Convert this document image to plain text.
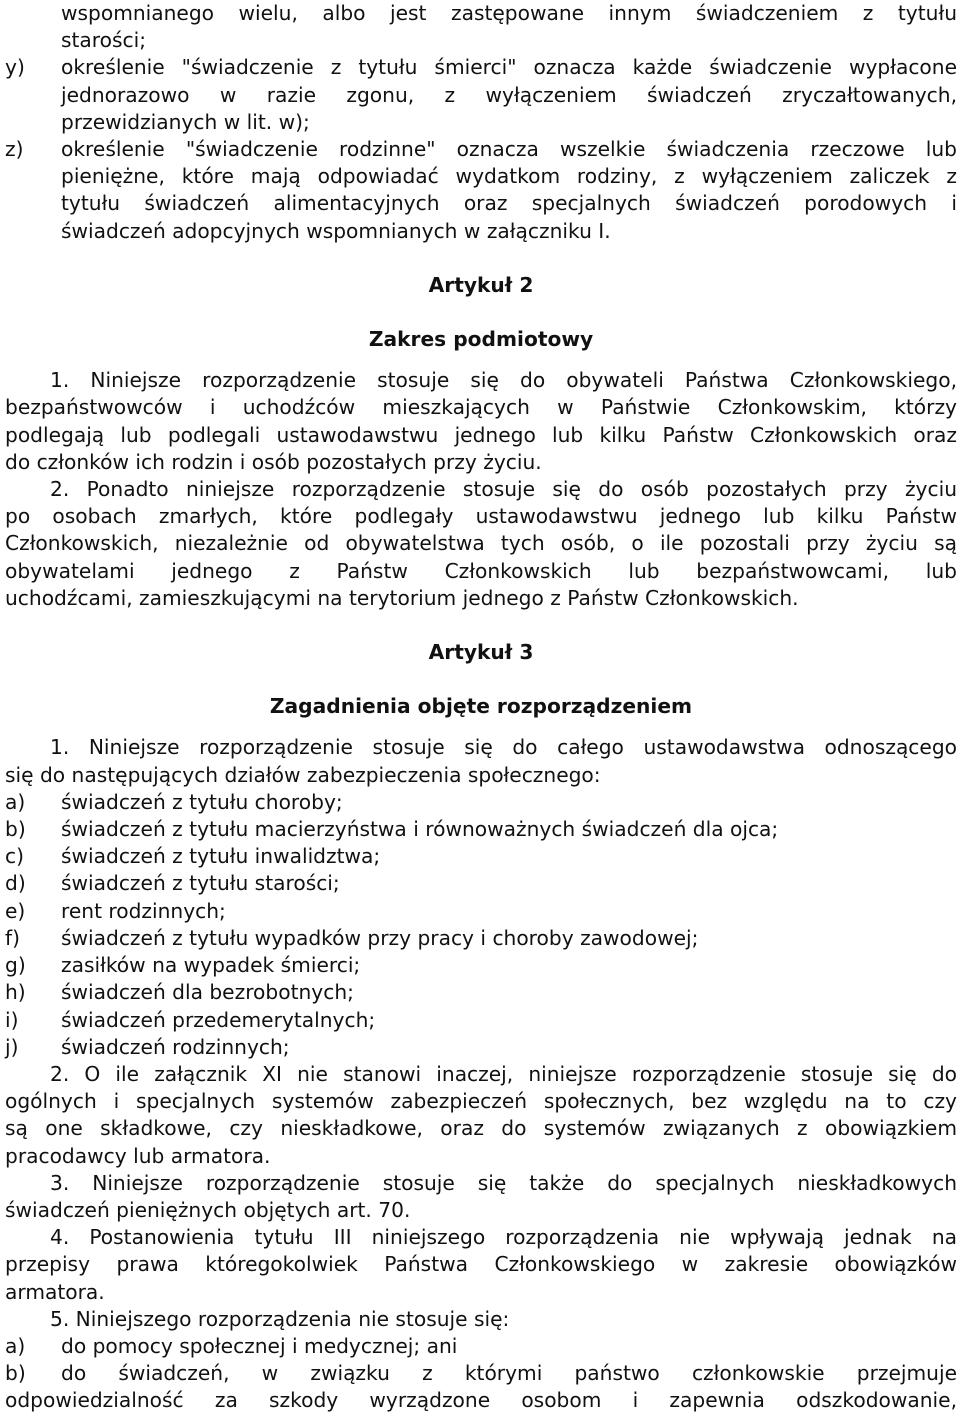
wspomnianego wielu, albo jest zastępowane innym świadczeniem z tytułu
starości;
y) określenie "świadczenie z tytułu śmierci" oznacza każde świadczenie wypłacone
jednorazowo w razie zgonu, z wyłączeniem świadczeń zryczałtowanych,
przewidzianych w lit. w);
z) określenie "świadczenie rodzinne" oznacza wszelkie świadczenia rzeczowe lub
pieniężne, które mają odpowiadać wydatkom rodziny, z wyłączeniem zaliczek z
tytułu świadczeń alimentacyjnych oraz specjalnych świadczeń porodowych i
świadczeń adopcyjnych wspomnianych w załączniku I.
Artykuł 2
Zakres podmiotowy
1. Niniejsze rozporządzenie stosuje się do obywateli Państwa Członkowskiego,
bezpaństwowców i uchodźców mieszkających w Państwie Członkowskim, którzy
podlegają lub podlegali ustawodawstwu jednego lub kilku Państw Członkowskich oraz
do członków ich rodzin i osób pozostałych przy życiu.
2. Ponadto niniejsze rozporządzenie stosuje się do osób pozostałych przy życiu
po osobach zmarłych, które podlegały ustawodawstwu jednego lub kilku Państw
Członkowskich, niezależnie od obywatelstwa tych osób, o ile pozostali przy życiu są
obywatelami jednego z Państw Członkowskich lub bezpaństwowcami, lub
uchodźcami, zamieszkującymi na terytorium jednego z Państw Członkowskich.
Artykuł 3
Zagadnienia objęte rozporządzeniem
1. Niniejsze rozporządzenie stosuje się do całego ustawodawstwa odnoszącego
się do następujących działów zabezpieczenia społecznego:
a) świadczeń z tytułu choroby;
b) świadczeń z tytułu macierzyństwa i równoważnych świadczeń dla ojca;
c) świadczeń z tytułu inwalidztwa;
d) świadczeń z tytułu starości;
e) rent rodzinnych;
f) świadczeń z tytułu wypadków przy pracy i choroby zawodowej;
g) zasiłków na wypadek śmierci;
h) świadczeń dla bezrobotnych;
i) świadczeń przedemerytalnych;
j) świadczeń rodzinnych;
2. O ile załącznik XI nie stanowi inaczej, niniejsze rozporządzenie stosuje się do
ogólnych i specjalnych systemów zabezpieczeń społecznych, bez względu na to czy
są one składkowe, czy nieskładkowe, oraz do systemów związanych z obowiązkiem
pracodawcy lub armatora.
3. Niniejsze rozporządzenie stosuje się także do specjalnych nieskładkowych
świadczeń pieniężnych objętych art. 70.
4. Postanowienia tytułu III niniejszego rozporządzenia nie wpływają jednak na
przepisy prawa któregokolwiek Państwa Członkowskiego w zakresie obowiązków
armatora.
5. Niniejszego rozporządzenia nie stosuje się:
a) do pomocy społecznej i medycznej; ani
b) do świadczeń, w związku z którymi państwo członkowskie przejmuje
odpowiedzialność za szkody wyrządzone osobom i zapewnia odszkodowanie,
